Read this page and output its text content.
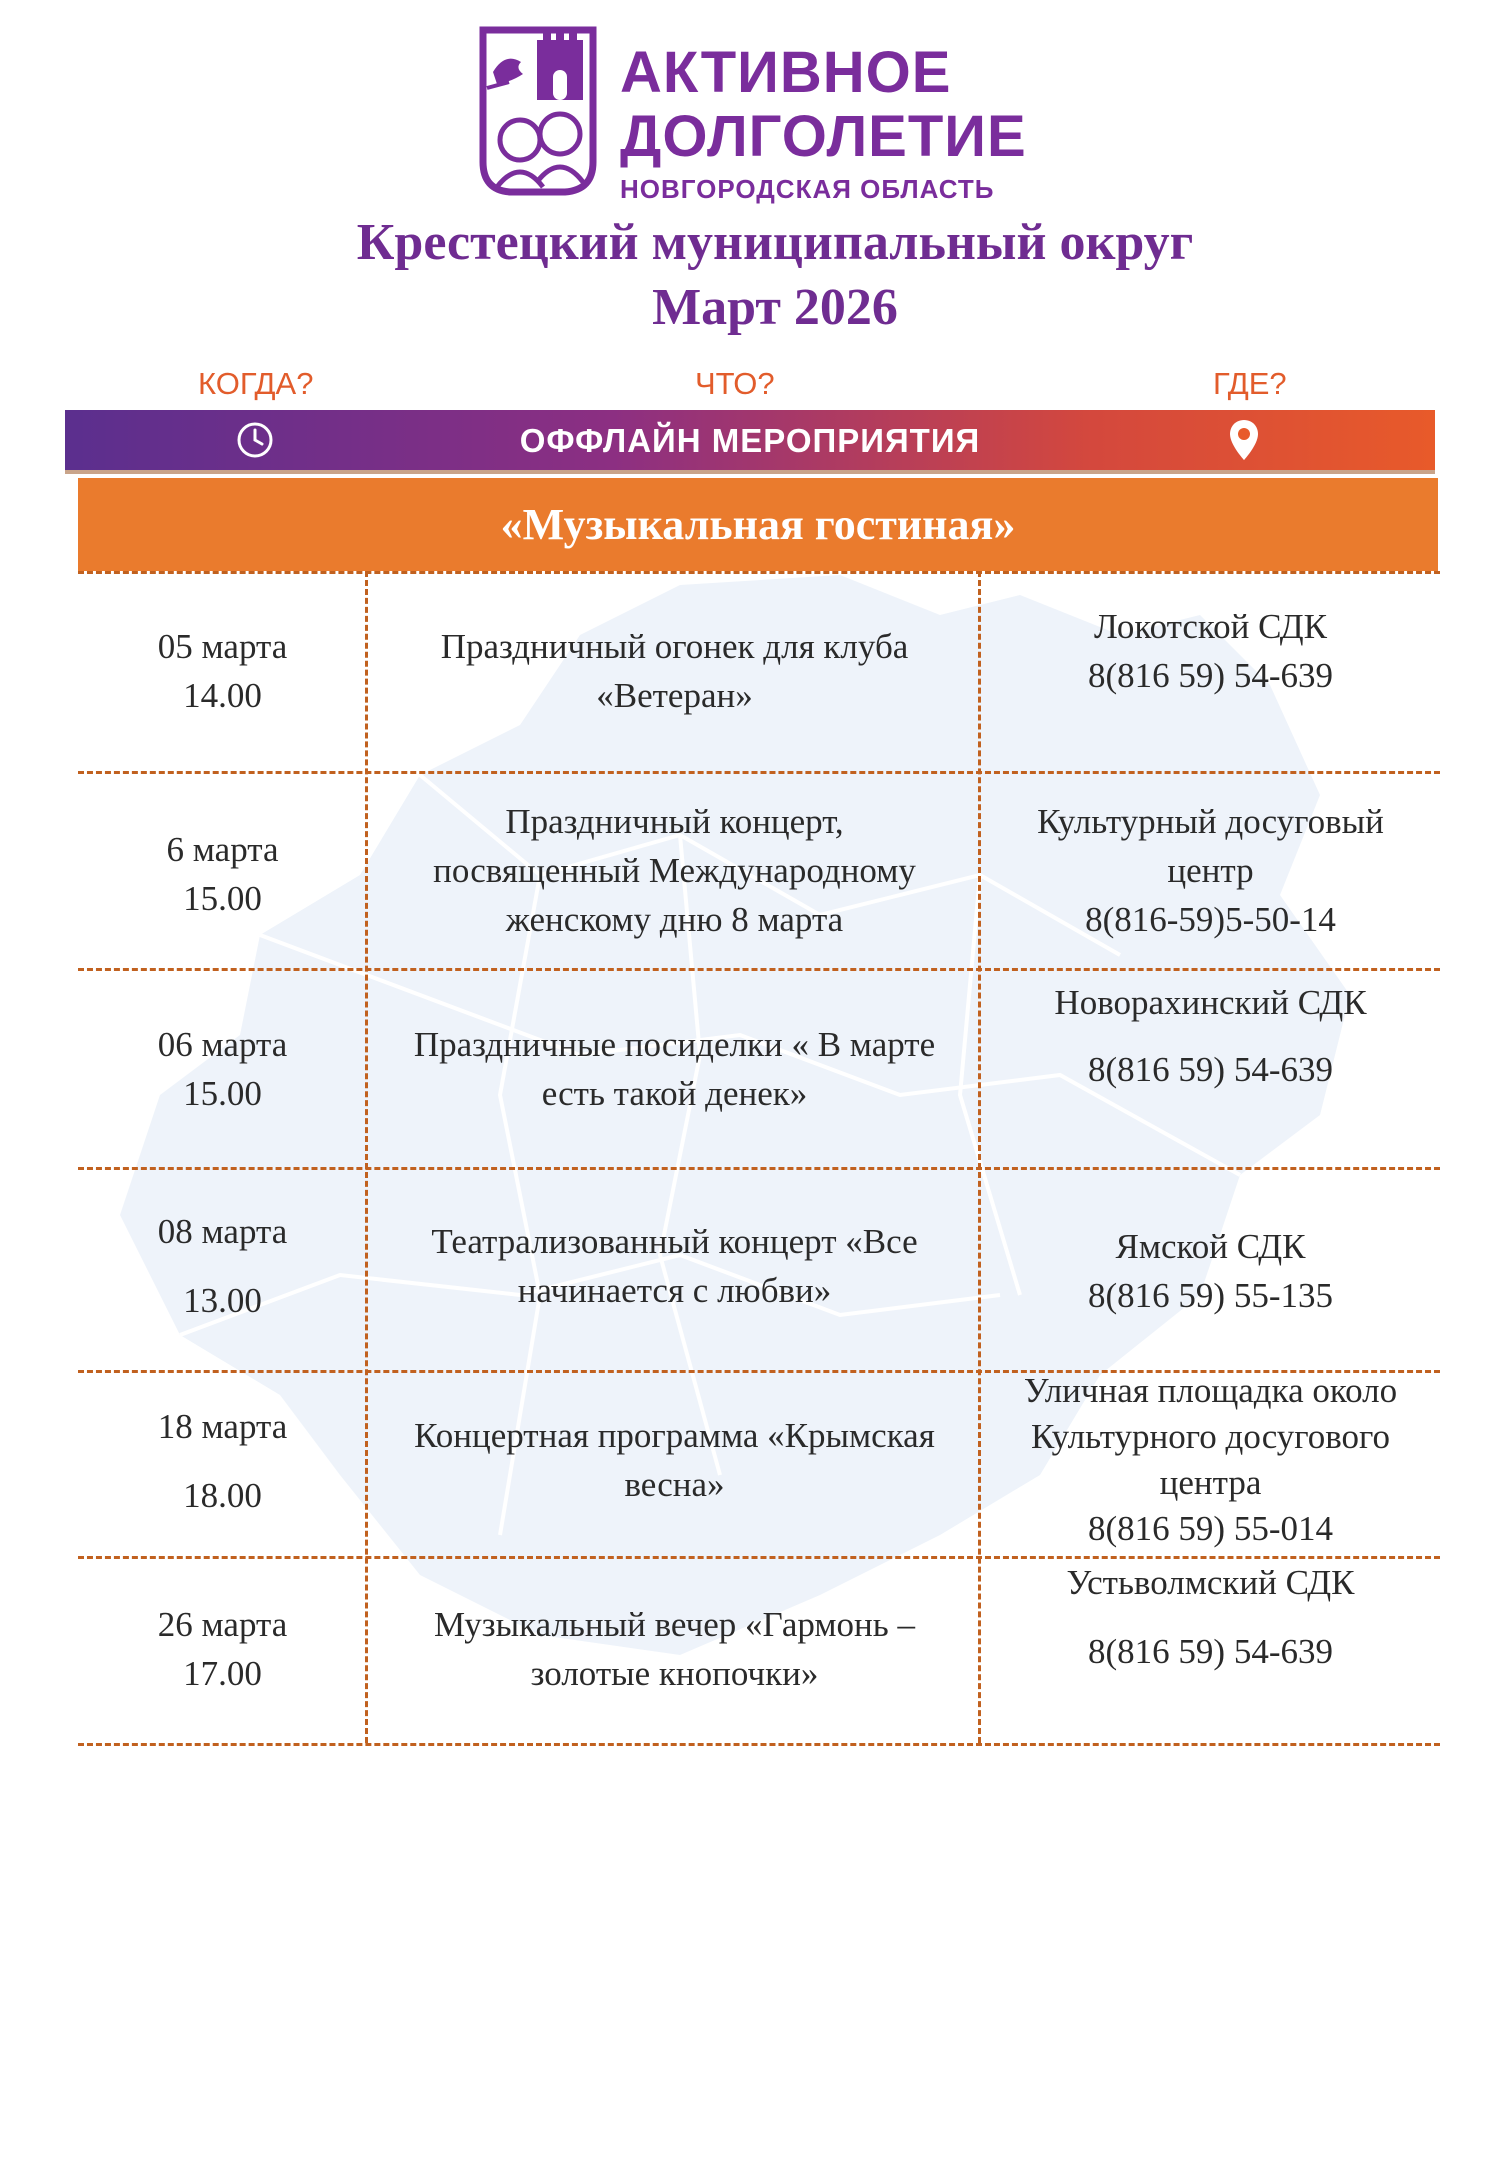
АКТИВНОЕ
ДОЛГОЛЕТИЕ
НОВГОРОДСКАЯ ОБЛАСТЬ
Крестецкий муниципальный округ
Март 2026
КОГДА?	ЧТО?	ГДЕ?
ОФФЛАЙН МЕРОПРИЯТИЯ
«Музыкальная гостиная»
05 марта
14.00
Праздничный огонек для клуба
«Ветеран»
Локотской СДК
8(816 59) 54-639
6 марта
15.00
Праздничный концерт,
посвященный Международному
женскому дню 8 марта
Культурный досуговый
центр
8(816-59)5-50-14
06 марта
15.00
Праздничные посиделки « В марте
есть такой денек»
Новорахинский СДК
8(816 59) 54-639
08 марта
13.00
Театрализованный концерт «Все
начинается с любви»
Ямской СДК
8(816 59) 55-135
18 марта
18.00
Концертная программа «Крымская
весна»
Уличная площадка около
Культурного досугового
центра
8(816 59) 55-014
26 марта
17.00
Музыкальный вечер «Гармонь –
золотые кнопочки»
Устьволмский СДК
8(816 59) 54-639
